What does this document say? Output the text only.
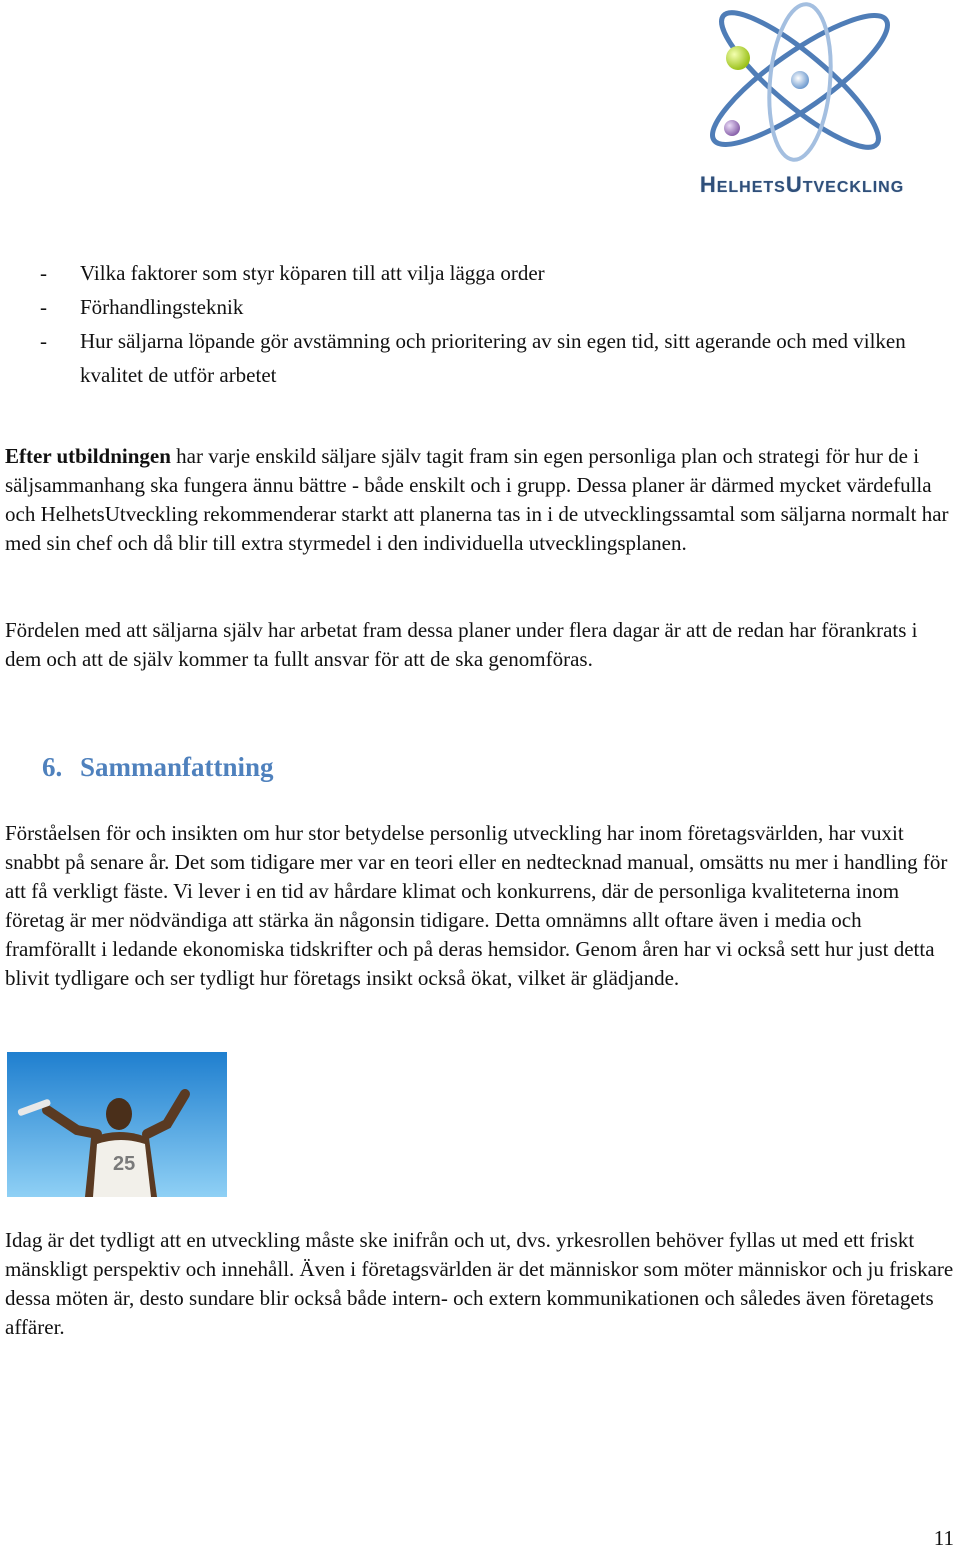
HELHETSUTVECKLING
- Vilka faktorer som styr köparen till att vilja lägga order
- Förhandlingsteknik
- Hur säljarna löpande gör avstämning och prioritering av sin egen tid, sitt agerande och med vilken kvalitet de utför arbetet

Efter utbildningen har varje enskild säljare själv tagit fram sin egen personliga plan och strategi för hur de i säljsammanhang ska fungera ännu bättre - både enskilt och i grupp. Dessa planer är därmed mycket värdefulla och HelhetsUtveckling rekommenderar starkt att planerna tas in i de utvecklingssamtal som säljarna normalt har med sin chef och då blir till extra styrmedel i den individuella utvecklingsplanen.

Fördelen med att säljarna själv har arbetat fram dessa planer under flera dagar är att de redan har förankrats i dem och att de själv kommer ta fullt ansvar för att de ska genomföras.

6. Sammanfattning

Förståelsen för och insikten om hur stor betydelse personlig utveckling har inom företagsvärlden, har vuxit snabbt på senare år. Det som tidigare mer var en teori eller en nedtecknad manual, omsätts nu mer i handling för att få verkligt fäste. Vi lever i en tid av hårdare klimat och konkurrens, där de personliga kvaliteterna inom företag är mer nödvändiga att stärka än någonsin tidigare. Detta omnämns allt oftare även i media och framförallt i ledande ekonomiska tidskrifter och på deras hemsidor. Genom åren har vi också sett hur just detta blivit tydligare och ser tydligt hur företags insikt också ökat, vilket är glädjande.

25

Idag är det tydligt att en utveckling måste ske inifrån och ut, dvs. yrkesrollen behöver fyllas ut med ett friskt mänskligt perspektiv och innehåll. Även i företagsvärlden är det människor som möter människor och ju friskare dessa möten är, desto sundare blir också både intern- och extern kommunikationen och således även företagets affärer.

11
